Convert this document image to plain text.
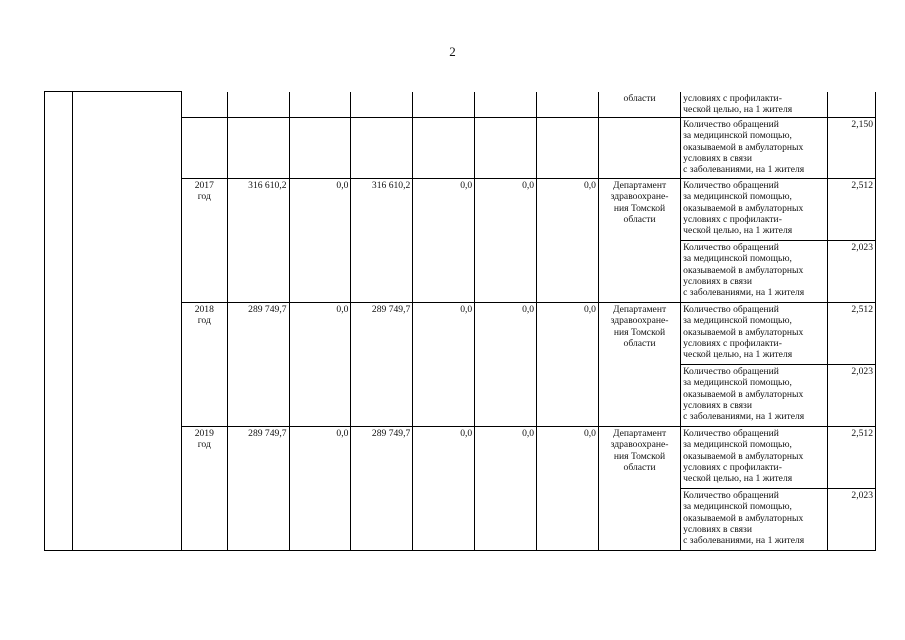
2
									области	условиях с профилакти-
ческой целью, на 1 жителя	
										Количество обращений
за медицинской помощью,
оказываемой в амбулаторных
условиях в связи
с заболеваниями, на 1 жителя	2,150
		2017
год	316 610,2	0,0	316 610,2	0,0	0,0	0,0	Департамент
здравоохране-
ния Томской
области	Количество обращений
за медицинской помощью,
оказываемой в амбулаторных
условиях с профилакти-
ческой целью, на 1 жителя	2,512
										Количество обращений
за медицинской помощью,
оказываемой в амбулаторных
условиях в связи
с заболеваниями, на 1 жителя	2,023
		2018
год	289 749,7	0,0	289 749,7	0,0	0,0	0,0	Департамент
здравоохране-
ния Томской
области	Количество обращений
за медицинской помощью,
оказываемой в амбулаторных
условиях с профилакти-
ческой целью, на 1 жителя	2,512
										Количество обращений
за медицинской помощью,
оказываемой в амбулаторных
условиях в связи
с заболеваниями, на 1 жителя	2,023
		2019
год	289 749,7	0,0	289 749,7	0,0	0,0	0,0	Департамент
здравоохране-
ния Томской
области	Количество обращений
за медицинской помощью,
оказываемой в амбулаторных
условиях с профилакти-
ческой целью, на 1 жителя	2,512
										Количество обращений
за медицинской помощью,
оказываемой в амбулаторных
условиях в связи
с заболеваниями, на 1 жителя	2,023
